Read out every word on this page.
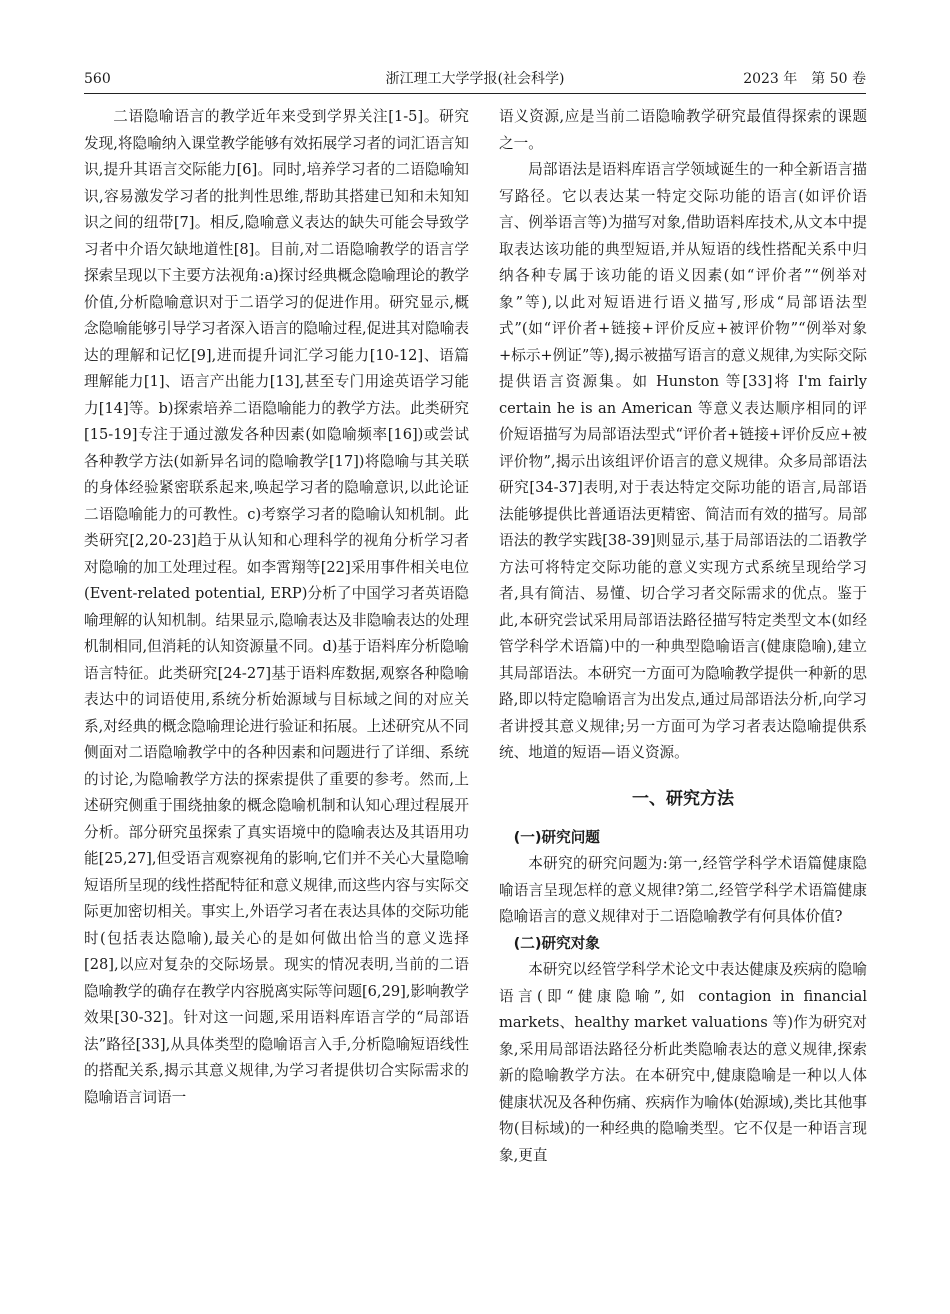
560	浙江理工大学学报(社会科学)	2023 年　第 50 卷

二语隐喻语言的教学近年来受到学界关注[1-5]。研究发现,将隐喻纳入课堂教学能够有效拓展学习者的词汇语言知识,提升其语言交际能力[6]。同时,培养学习者的二语隐喻知识,容易激发学习者的批判性思维,帮助其搭建已知和未知知识之间的纽带[7]。相反,隐喻意义表达的缺失可能会导致学习者中介语欠缺地道性[8]。目前,对二语隐喻教学的语言学探索呈现以下主要方法视角:a)探讨经典概念隐喻理论的教学价值,分析隐喻意识对于二语学习的促进作用。研究显示,概念隐喻能够引导学习者深入语言的隐喻过程,促进其对隐喻表达的理解和记忆[9],进而提升词汇学习能力[10-12]、语篇理解能力[1]、语言产出能力[13],甚至专门用途英语学习能力[14]等。b)探索培养二语隐喻能力的教学方法。此类研究[15-19]专注于通过激发各种因素(如隐喻频率[16])或尝试各种教学方法(如新异名词的隐喻教学[17])将隐喻与其关联的身体经验紧密联系起来,唤起学习者的隐喻意识,以此论证二语隐喻能力的可教性。c)考察学习者的隐喻认知机制。此类研究[2,20-23]趋于从认知和心理科学的视角分析学习者对隐喻的加工处理过程。如李霄翔等[22]采用事件相关电位(Event-related potential, ERP)分析了中国学习者英语隐喻理解的认知机制。结果显示,隐喻表达及非隐喻表达的处理机制相同,但消耗的认知资源量不同。d)基于语料库分析隐喻语言特征。此类研究[24-27]基于语料库数据,观察各种隐喻表达中的词语使用,系统分析始源域与目标域之间的对应关系,对经典的概念隐喻理论进行验证和拓展。上述研究从不同侧面对二语隐喻教学中的各种因素和问题进行了详细、系统的讨论,为隐喻教学方法的探索提供了重要的参考。然而,上述研究侧重于围绕抽象的概念隐喻机制和认知心理过程展开分析。部分研究虽探索了真实语境中的隐喻表达及其语用功能[25,27],但受语言观察视角的影响,它们并不关心大量隐喻短语所呈现的线性搭配特征和意义规律,而这些内容与实际交际更加密切相关。事实上,外语学习者在表达具体的交际功能时(包括表达隐喻),最关心的是如何做出恰当的意义选择[28],以应对复杂的交际场景。现实的情况表明,当前的二语隐喻教学的确存在教学内容脱离实际等问题[6,29],影响教学效果[30-32]。针对这一问题,采用语料库语言学的“局部语法”路径[33],从具体类型的隐喻语言入手,分析隐喻短语线性的搭配关系,揭示其意义规律,为学习者提供切合实际需求的隐喻语言词语一

语义资源,应是当前二语隐喻教学研究最值得探索的课题之一。

局部语法是语料库语言学领域诞生的一种全新语言描写路径。它以表达某一特定交际功能的语言(如评价语言、例举语言等)为描写对象,借助语料库技术,从文本中提取表达该功能的典型短语,并从短语的线性搭配关系中归纳各种专属于该功能的语义因素(如“评价者”“例举对象”等),以此对短语进行语义描写,形成“局部语法型式”(如“评价者+链接+评价反应+被评价物”“例举对象+标示+例证”等),揭示被描写语言的意义规律,为实际交际提供语言资源集。如 Hunston 等[33]将 I'm fairly certain he is an American 等意义表达顺序相同的评价短语描写为局部语法型式“评价者+链接+评价反应+被评价物”,揭示出该组评价语言的意义规律。众多局部语法研究[34-37]表明,对于表达特定交际功能的语言,局部语法能够提供比普通语法更精密、简洁而有效的描写。局部语法的教学实践[38-39]则显示,基于局部语法的二语教学方法可将特定交际功能的意义实现方式系统呈现给学习者,具有简洁、易懂、切合学习者交际需求的优点。鉴于此,本研究尝试采用局部语法路径描写特定类型文本(如经管学科学术语篇)中的一种典型隐喻语言(健康隐喻),建立其局部语法。本研究一方面可为隐喻教学提供一种新的思路,即以特定隐喻语言为出发点,通过局部语法分析,向学习者讲授其意义规律;另一方面可为学习者表达隐喻提供系统、地道的短语—语义资源。

一、研究方法
(一)研究问题

本研究的研究问题为:第一,经管学科学术语篇健康隐喻语言呈现怎样的意义规律?第二,经管学科学术语篇健康隐喻语言的意义规律对于二语隐喻教学有何具体价值?

(二)研究对象

本研究以经管学科学术论文中表达健康及疾病的隐喻语言(即“健康隐喻”,如 contagion in financial markets、healthy market valuations 等)作为研究对象,采用局部语法路径分析此类隐喻表达的意义规律,探索新的隐喻教学方法。在本研究中,健康隐喻是一种以人体健康状况及各种伤痛、疾病作为喻体(始源域),类比其他事物(目标域)的一种经典的隐喻类型。它不仅是一种语言现象,更直
